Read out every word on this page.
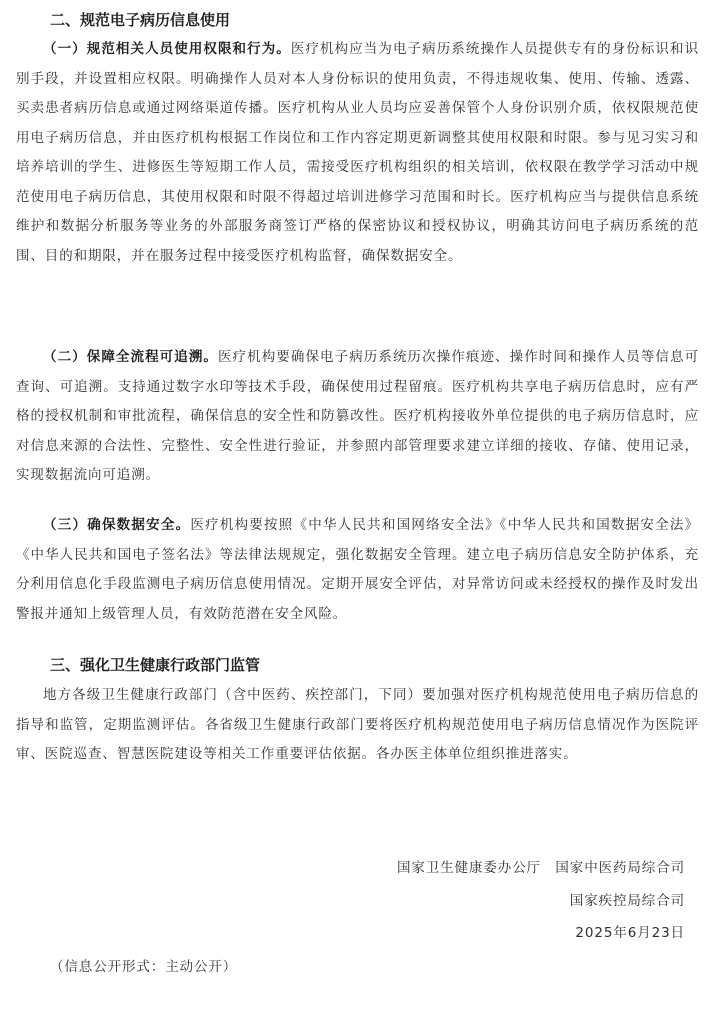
二、规范电子病历信息使用

（一）规范相关人员使用权限和行为。医疗机构应当为电子病历系统操作人员提供专有的身份标识和识别手段，并设置相应权限。明确操作人员对本人身份标识的使用负责，不得违规收集、使用、传输、透露、买卖患者病历信息或通过网络渠道传播。医疗机构从业人员均应妥善保管个人身份识别介质，依权限规范使用电子病历信息，并由医疗机构根据工作岗位和工作内容定期更新调整其使用权限和时限。参与见习实习和培养培训的学生、进修医生等短期工作人员，需接受医疗机构组织的相关培训，依权限在教学学习活动中规范使用电子病历信息，其使用权限和时限不得超过培训进修学习范围和时长。医疗机构应当与提供信息系统维护和数据分析服务等业务的外部服务商签订严格的保密协议和授权协议，明确其访问电子病历系统的范围、目的和期限，并在服务过程中接受医疗机构监督，确保数据安全。

（二）保障全流程可追溯。医疗机构要确保电子病历系统历次操作痕迹、操作时间和操作人员等信息可查询、可追溯。支持通过数字水印等技术手段，确保使用过程留痕。医疗机构共享电子病历信息时，应有严格的授权机制和审批流程，确保信息的安全性和防篡改性。医疗机构接收外单位提供的电子病历信息时，应对信息来源的合法性、完整性、安全性进行验证，并参照内部管理要求建立详细的接收、存储、使用记录，实现数据流向可追溯。

（三）确保数据安全。医疗机构要按照《中华人民共和国网络安全法》《中华人民共和国数据安全法》《中华人民共和国电子签名法》等法律法规规定，强化数据安全管理。建立电子病历信息安全防护体系，充分利用信息化手段监测电子病历信息使用情况。定期开展安全评估，对异常访问或未经授权的操作及时发出警报并通知上级管理人员，有效防范潜在安全风险。

三、强化卫生健康行政部门监管

地方各级卫生健康行政部门（含中医药、疾控部门，下同）要加强对医疗机构规范使用电子病历信息的指导和监管，定期监测评估。各省级卫生健康行政部门要将医疗机构规范使用电子病历信息情况作为医院评审、医院巡查、智慧医院建设等相关工作重要评估依据。各办医主体单位组织推进落实。

国家卫生健康委办公厅　国家中医药局综合司

国家疾控局综合司

2025年6月23日

（信息公开形式：主动公开）
